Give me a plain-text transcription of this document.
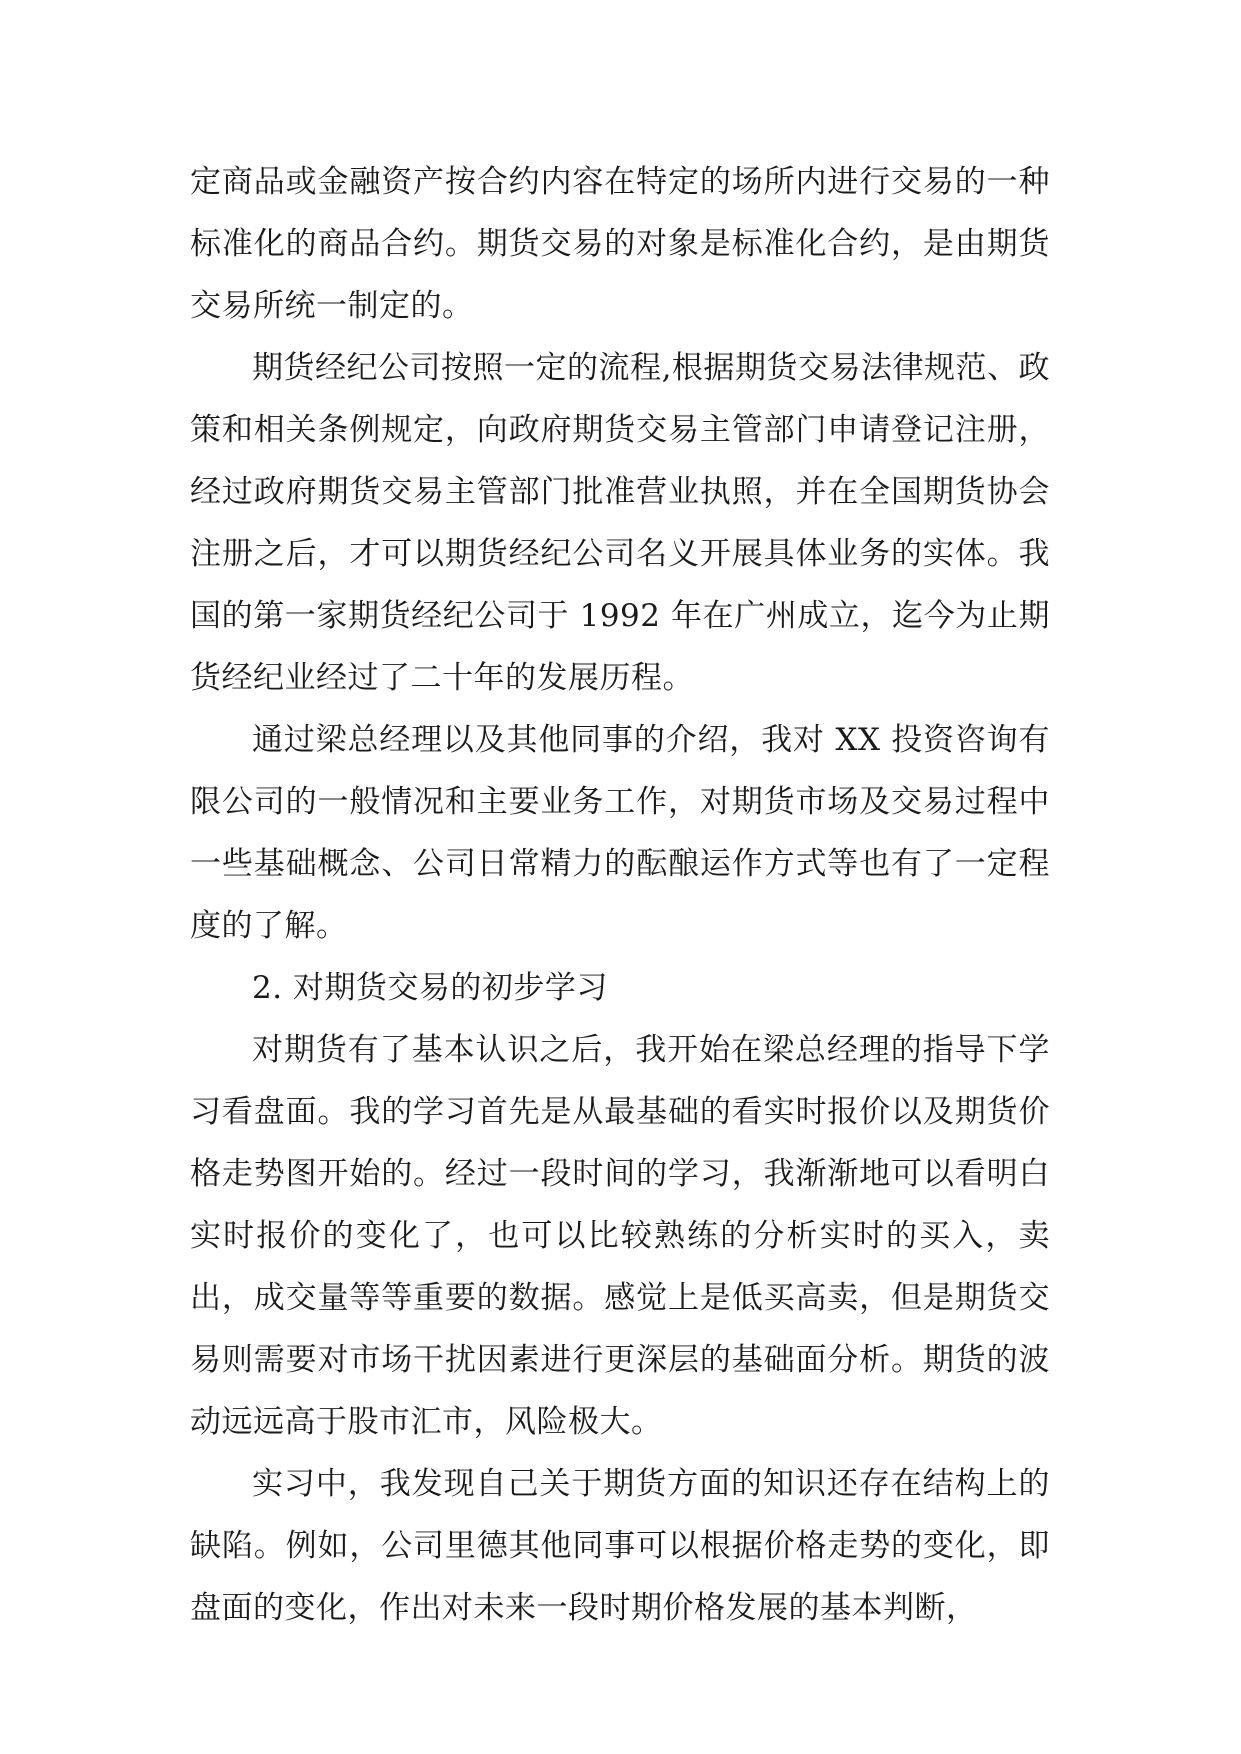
定商品或金融资产按合约内容在特定的场所内进行交易的一种标准化的商品合约。期货交易的对象是标准化合约，是由期货交易所统一制定的。

期货经纪公司按照一定的流程,根据期货交易法律规范、政策和相关条例规定，向政府期货交易主管部门申请登记注册，经过政府期货交易主管部门批准营业执照，并在全国期货协会注册之后，才可以期货经纪公司名义开展具体业务的实体。我国的第一家期货经纪公司于 1992 年在广州成立，迄今为止期货经纪业经过了二十年的发展历程。

通过梁总经理以及其他同事的介绍，我对 XX 投资咨询有限公司的一般情况和主要业务工作，对期货市场及交易过程中一些基础概念、公司日常精力的酝酿运作方式等也有了一定程度的了解。

2. 对期货交易的初步学习

对期货有了基本认识之后，我开始在梁总经理的指导下学习看盘面。我的学习首先是从最基础的看实时报价以及期货价格走势图开始的。经过一段时间的学习，我渐渐地可以看明白实时报价的变化了，也可以比较熟练的分析实时的买入，卖出，成交量等等重要的数据。感觉上是低买高卖，但是期货交易则需要对市场干扰因素进行更深层的基础面分析。期货的波动远远高于股市汇市，风险极大。

实习中，我发现自己关于期货方面的知识还存在结构上的缺陷。例如，公司里德其他同事可以根据价格走势的变化，即盘面的变化，作出对未来一段时期价格发展的基本判断，
